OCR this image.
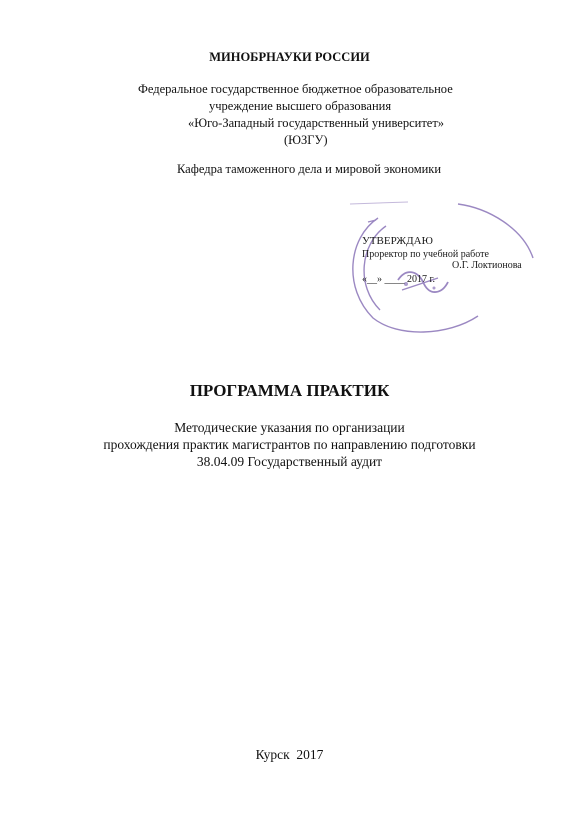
МИНОБРНАУКИ РОССИИ
Федеральное государственное бюджетное образовательное
учреждение высшего образования
«Юго-Западный государственный университет»
(ЮЗГУ)
Кафедра таможенного дела и мировой экономики
УТВЕРЖДАЮ
Проректор по учебной работе
О.Г. Локтионова
«__» ____ 2017 г.
ПРОГРАММА ПРАКТИК
Методические указания по организации
прохождения практик магистрантов по направлению подготовки
38.04.09 Государственный аудит
Курск  2017
